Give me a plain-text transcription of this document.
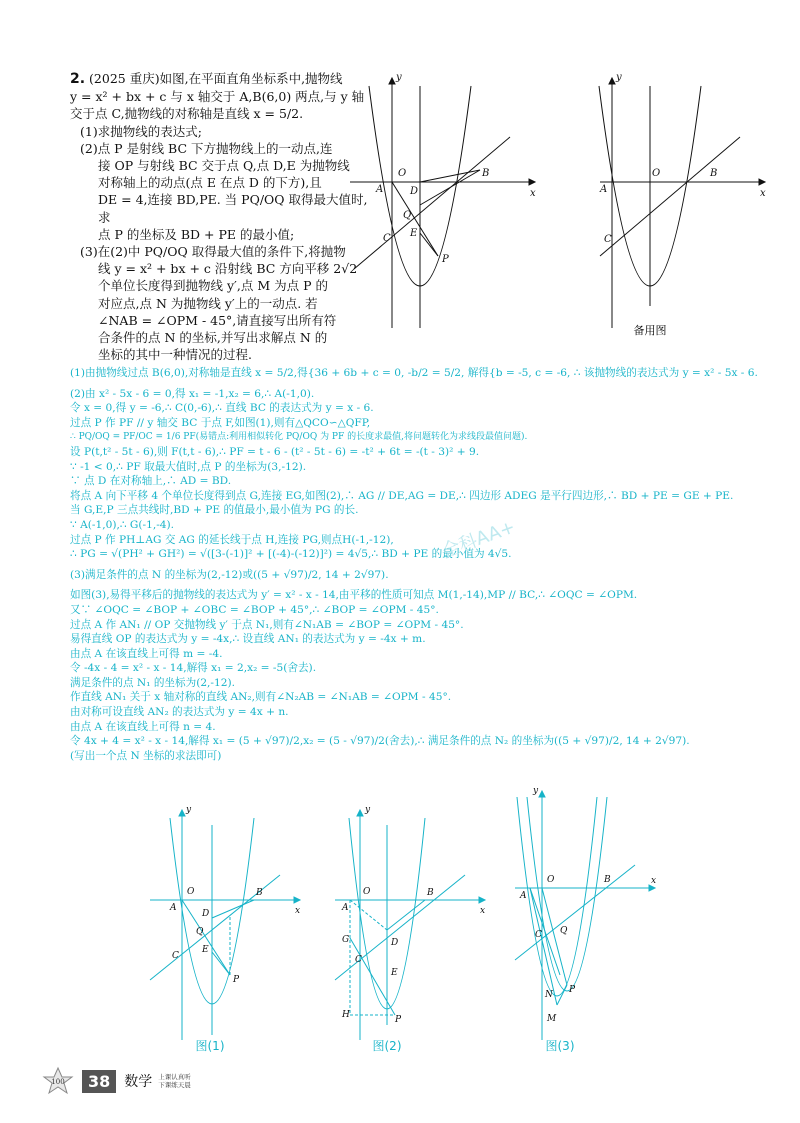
2. (2025 重庆)如图,在平面直角坐标系中,抛物线

y = x² + bx + c 与 x 轴交于 A,B(6,0) 两点,与 y 轴

交于点 C,抛物线的对称轴是直线 x = 5/2.

(1)求抛物线的表达式;

(2)点 P 是射线 BC 下方抛物线上的一动点,连

接 OP 与射线 BC 交于点 Q,点 D,E 为抛物线

对称轴上的动点(点 E 在点 D 的下方),且

DE = 4,连接 BD,PE. 当 PQ/OQ 取得最大值时,求

点 P 的坐标及 BD + PE 的最小值;

(3)在(2)中 PQ/OQ 取得最大值的条件下,将抛物

线 y = x² + bx + c 沿射线 BC 方向平移 2√2

个单位长度得到抛物线 y′,点 M 为点 P 的

对应点,点 N 为抛物线 y′上的一动点. 若

∠NAB = ∠OPM - 45°,请直接写出所有符

合条件的点 N 的坐标,并写出求解点 N 的

坐标的其中一种情况的过程.

y
x
O
A
B
C
D
E
Q
P
y
x
O
A
B
C
备用图

(1)由抛物线过点 B(6,0),对称轴是直线 x = 5/2,得{36 + 6b + c = 0, -b/2 = 5/2, 解得{b = -5, c = -6, ∴ 该抛物线的表达式为 y = x² - 5x - 6.

(2)由 x² - 5x - 6 = 0,得 x₁ = -1,x₂ = 6,∴ A(-1,0).

令 x = 0,得 y = -6,∴ C(0,-6),∴ 直线 BC 的表达式为 y = x - 6.

过点 P 作 PF // y 轴交 BC 于点 F,如图(1),则有△QCO∽△QFP,

∴ PQ/OQ = PF/OC = 1/6 PF(易错点:利用相似转化 PQ/OQ 为 PF 的长度求最值,将问题转化为求线段最值问题).

设 P(t,t² - 5t - 6),则 F(t,t - 6),∴ PF = t - 6 - (t² - 5t - 6) = -t² + 6t = -(t - 3)² + 9.

∵ -1 < 0,∴ PF 取最大值时,点 P 的坐标为(3,-12).

∵ 点 D 在对称轴上,∴ AD = BD.

将点 A 向下平移 4 个单位长度得到点 G,连接 EG,如图(2),∴ AG // DE,AG = DE,∴ 四边形 ADEG 是平行四边形,∴ BD + PE = GE + PE.

当 G,E,P 三点共线时,BD + PE 的值最小,最小值为 PG 的长.

∵ A(-1,0),∴ G(-1,-4).

过点 P 作 PH⊥AG 交 AG 的延长线于点 H,连接 PG,则点H(-1,-12),

∴ PG = √(PH² + GH²) = √([3-(-1)]² + [(-4)-(-12)]²) = 4√5,∴ BD + PE 的最小值为 4√5.

(3)满足条件的点 N 的坐标为(2,-12)或((5 + √97)/2, 14 + 2√97).

如图(3),易得平移后的抛物线的表达式为 y′ = x² - x - 14,由平移的性质可知点 M(1,-14),MP // BC,∴ ∠OQC = ∠OPM.

又∵ ∠OQC = ∠BOP + ∠OBC = ∠BOP + 45°,∴ ∠BOP = ∠OPM - 45°.

过点 A 作 AN₁ // OP 交抛物线 y′ 于点 N₁,则有∠N₁AB = ∠BOP = ∠OPM - 45°.

易得直线 OP 的表达式为 y = -4x,∴ 设直线 AN₁ 的表达式为 y = -4x + m.

由点 A 在该直线上可得 m = -4.

令 -4x - 4 = x² - x - 14,解得 x₁ = 2,x₂ = -5(舍去).

满足条件的点 N₁ 的坐标为(2,-12).

作直线 AN₁ 关于 x 轴对称的直线 AN₂,则有∠N₂AB = ∠N₁AB = ∠OPM - 45°.

由对称可设直线 AN₂ 的表达式为 y = 4x + n.

由点 A 在该直线上可得 n = 4.

令 4x + 4 = x² - x - 14,解得 x₁ = (5 + √97)/2,x₂ = (5 - √97)/2(舍去),∴ 满足条件的点 N₂ 的坐标为((5 + √97)/2, 14 + 2√97).

(写出一个点 N 坐标的求法即可)

全科AA+
y
x
O
A
B
C
D
E
Q
P
图(1)
y
x
O
A
B
G
C
D
E
H	P
图(2)
y
x
O
A
B
C Q
N P
M
图(3)
100	38	数学 上课认真听
下课练天晨
